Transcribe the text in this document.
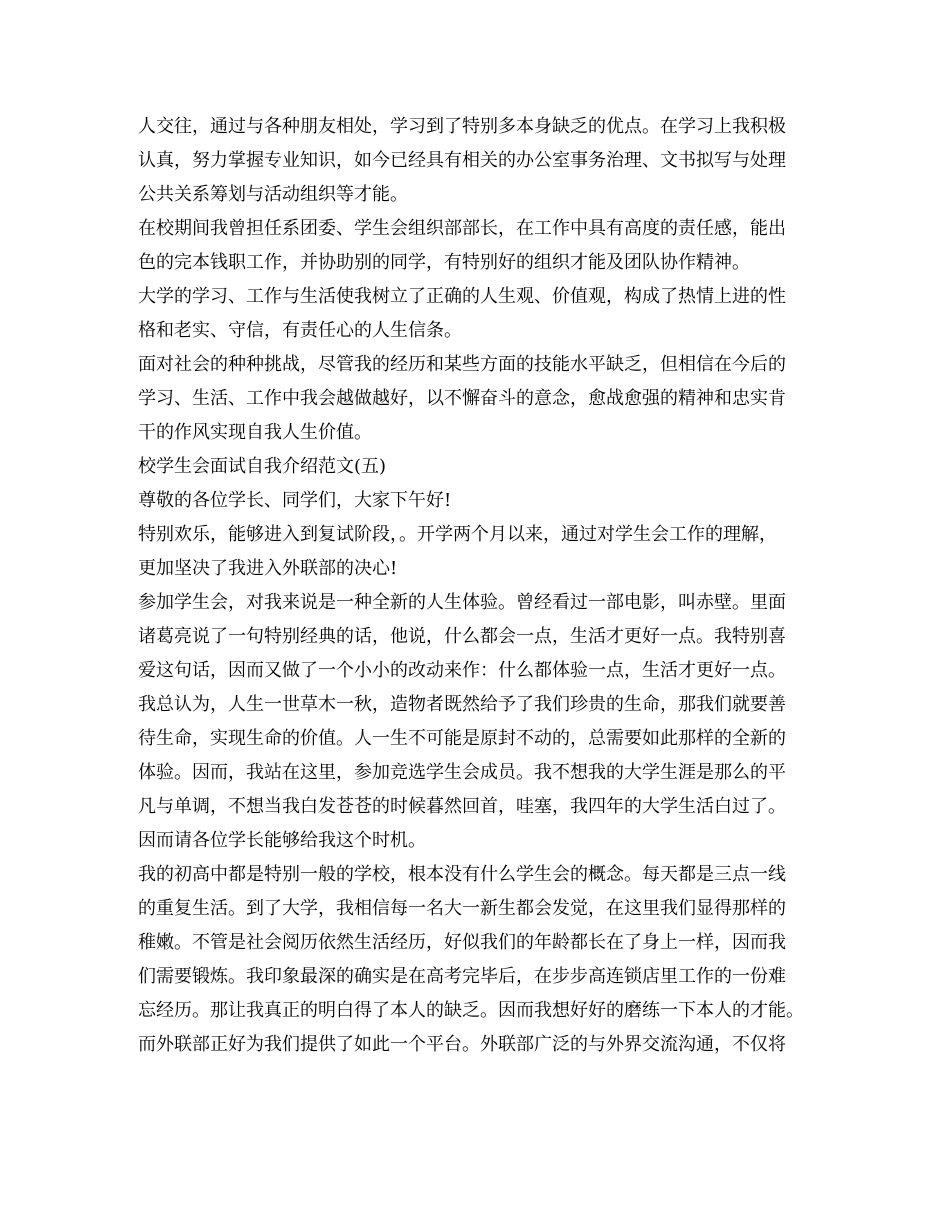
人交往，通过与各种朋友相处，学习到了特别多本身缺乏的优点。在学习上我积极
认真，努力掌握专业知识，如今已经具有相关的办公室事务治理、文书拟写与处理
公共关系筹划与活动组织等才能。
在校期间我曾担任系团委、学生会组织部部长，在工作中具有高度的责任感，能出
色的完本钱职工作，并协助别的同学，有特别好的组织才能及团队协作精神。
大学的学习、工作与生活使我树立了正确的人生观、价值观，构成了热情上进的性
格和老实、守信，有责任心的人生信条。
面对社会的种种挑战，尽管我的经历和某些方面的技能水平缺乏，但相信在今后的
学习、生活、工作中我会越做越好，以不懈奋斗的意念，愈战愈强的精神和忠实肯
干的作风实现自我人生价值。
校学生会面试自我介绍范文(五)
尊敬的各位学长、同学们，大家下午好!
特别欢乐，能够进入到复试阶段，。开学两个月以来，通过对学生会工作的理解，
更加坚决了我进入外联部的决心!
参加学生会，对我来说是一种全新的人生体验。曾经看过一部电影，叫赤壁。里面
诸葛亮说了一句特别经典的话，他说，什么都会一点，生活才更好一点。我特别喜
爱这句话，因而又做了一个小小的改动来作：什么都体验一点，生活才更好一点。
我总认为，人生一世草木一秋，造物者既然给予了我们珍贵的生命，那我们就要善
待生命，实现生命的价值。人一生不可能是原封不动的，总需要如此那样的全新的
体验。因而，我站在这里，参加竞选学生会成员。我不想我的大学生涯是那么的平
凡与单调，不想当我白发苍苍的时候暮然回首，哇塞，我四年的大学生活白过了。
因而请各位学长能够给我这个时机。
我的初高中都是特别一般的学校，根本没有什么学生会的概念。每天都是三点一线
的重复生活。到了大学，我相信每一名大一新生都会发觉，在这里我们显得那样的
稚嫩。不管是社会阅历依然生活经历，好似我们的年龄都长在了身上一样，因而我
们需要锻炼。我印象最深的确实是在高考完毕后，在步步高连锁店里工作的一份难
忘经历。那让我真正的明白得了本人的缺乏。因而我想好好的磨练一下本人的才能。
而外联部正好为我们提供了如此一个平台。外联部广泛的与外界交流沟通，不仅将
